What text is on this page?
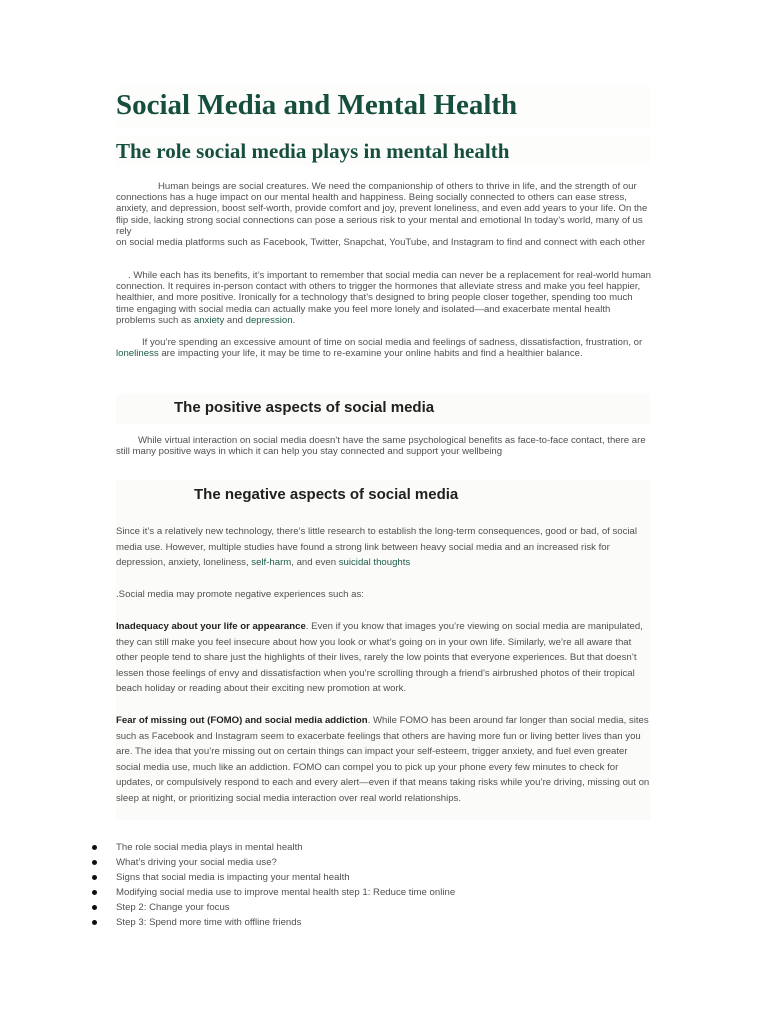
Social Media and Mental Health
The role social media plays in mental health

Human beings are social creatures. We need the companionship of others to thrive in life, and the strength of our connections has a huge impact on our mental health and happiness. Being socially connected to others can ease stress, anxiety, and depression, boost self-worth, provide comfort and joy, prevent loneliness, and even add years to your life. On the flip side, lacking strong social connections can pose a serious risk to your mental and emotional In today’s world, many of us rely
on social media platforms such as Facebook, Twitter, Snapchat, YouTube, and Instagram to find and connect with each other

. While each has its benefits, it’s important to remember that social media can never be a replacement for real-world human connection. It requires in-person contact with others to trigger the hormones that alleviate stress and make you feel happier, healthier, and more positive. Ironically for a technology that’s designed to bring people closer together, spending too much time engaging with social media can actually make you feel more lonely and isolated—and exacerbate mental health problems such as anxiety and depression.

If you’re spending an excessive amount of time on social media and feelings of sadness, dissatisfaction, frustration, or loneliness are impacting your life, it may be time to re-examine your online habits and find a healthier balance.

The positive aspects of social media

While virtual interaction on social media doesn’t have the same psychological benefits as face-to-face contact, there are still many positive ways in which it can help you stay connected and support your wellbeing

The negative aspects of social media

Since it’s a relatively new technology, there’s little research to establish the long-term consequences, good or bad, of social media use. However, multiple studies have found a strong link between heavy social media and an increased risk for depression, anxiety, loneliness, self-harm, and even suicidal thoughts

.Social media may promote negative experiences such as:

Inadequacy about your life or appearance. Even if you know that images you’re viewing on social media are manipulated, they can still make you feel insecure about how you look or what’s going on in your own life. Similarly, we’re all aware that other people tend to share just the highlights of their lives, rarely the low points that everyone experiences. But that doesn’t lessen those feelings of envy and dissatisfaction when you’re scrolling through a friend’s airbrushed photos of their tropical beach holiday or reading about their exciting new promotion at work.

Fear of missing out (FOMO) and social media addiction. While FOMO has been around far longer than social media, sites such as Facebook and Instagram seem to exacerbate feelings that others are having more fun or living better lives than you are. The idea that you’re missing out on certain things can impact your self-esteem, trigger anxiety, and fuel even greater social media use, much like an addiction. FOMO can compel you to pick up your phone every few minutes to check for updates, or compulsively respond to each and every alert—even if that means taking risks while you’re driving, missing out on sleep at night, or prioritizing social media interaction over real world relationships.

The role social media plays in mental health
What’s driving your social media use?
Signs that social media is impacting your mental health
Modifying social media use to improve mental health step 1: Reduce time online
Step 2: Change your focus
Step 3: Spend more time with offline friends
